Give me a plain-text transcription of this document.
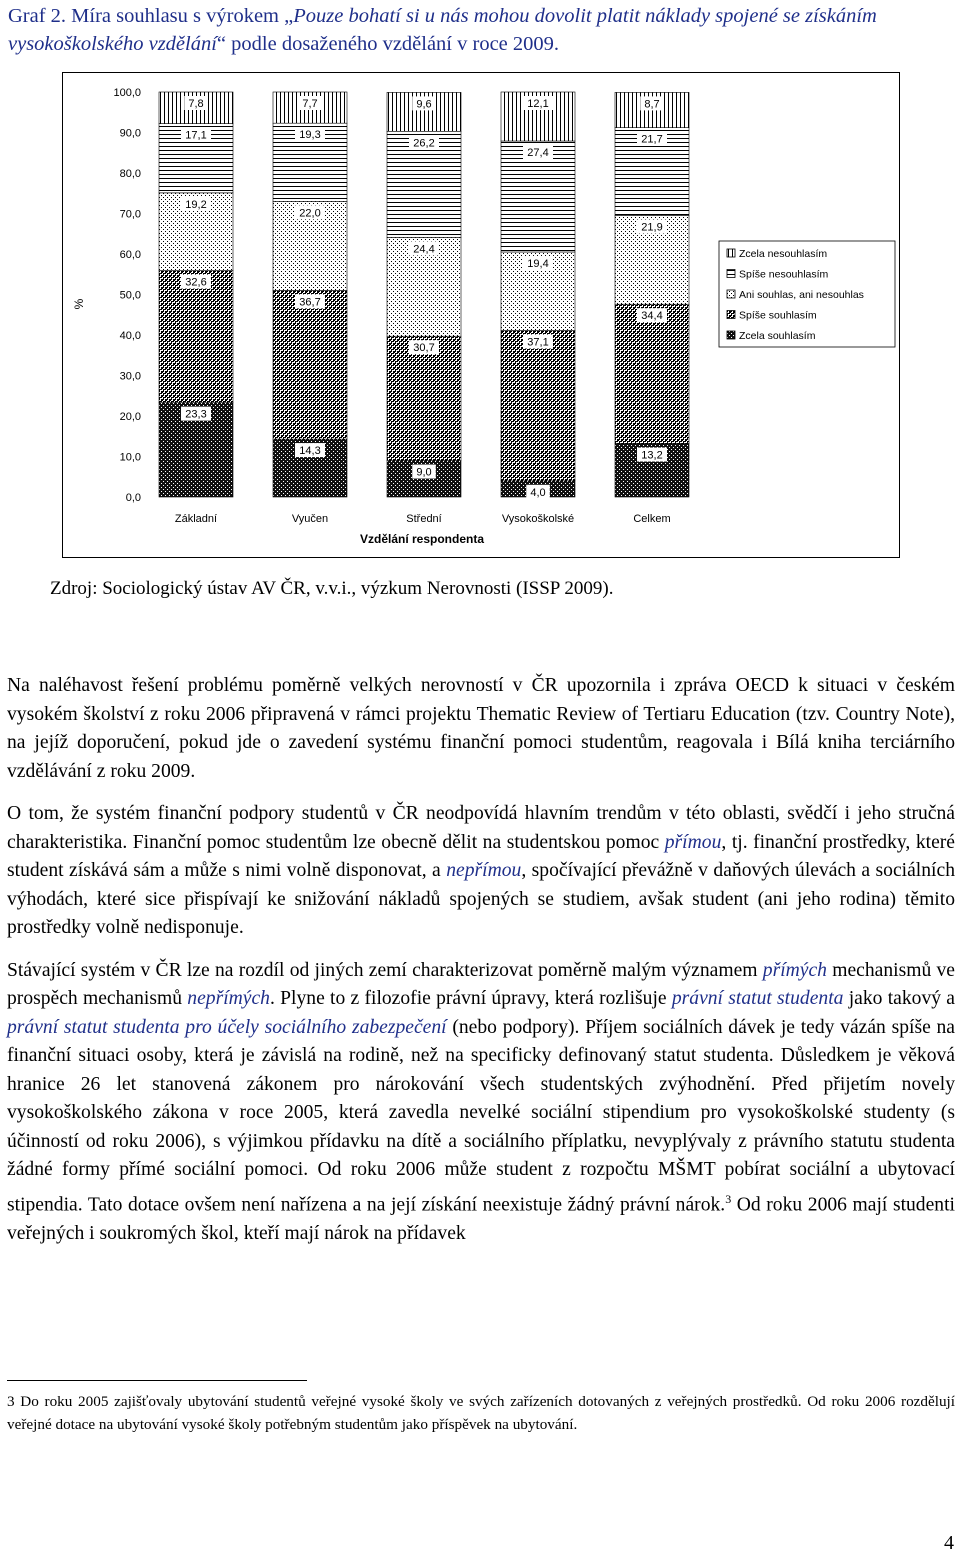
Graf 2. Míra souhlasu s výrokem „Pouze bohatí si u nás mohou dovolit platit náklady spojené se získáním vysokoškolského vzdělání“ podle dosaženého vzdělání v roce 2009.
%
0,0
10,0
20,0
30,0
40,0
50,0
60,0
70,0
80,0
90,0
100,0
23,3
32,6
19,2
17,1
7,8
14,3
36,7
22,0
19,3
7,7
9,0
30,7
24,4
26,2
9,6
4,0
37,1
19,4
27,4
12,1
13,2
34,4
21,9
21,7
8,7
Základní	Vyučen	Střední	Vysokoškolské	Celkem
Vzdělání respondenta
Zcela nesouhlasím
Spíše nesouhlasím
Ani souhlas, ani nesouhlas
Spíše souhlasím
Zcela souhlasím
Zdroj: Sociologický ústav AV ČR, v.v.i., výzkum Nerovnosti (ISSP 2009).

Na naléhavost řešení problému poměrně velkých nerovností v ČR upozornila i zpráva OECD k situaci v českém vysokém školství z roku 2006 připravená v rámci projektu Thematic Review of Tertiaru Education (tzv. Country Note), na jejíž doporučení, pokud jde o zavedení systému finanční pomoci studentům, reagovala i Bílá kniha terciárního vzdělávání z roku 2009.

O tom, že systém finanční podpory studentů v ČR neodpovídá hlavním trendům v této oblasti, svědčí i jeho stručná charakteristika. Finanční pomoc studentům lze obecně dělit na studentskou pomoc přímou, tj. finanční prostředky, které student získává sám a může s nimi volně disponovat, a nepřímou, spočívající převážně v daňových úlevách a sociálních výhodách, které sice přispívají ke snižování nákladů spojených se studiem, avšak student (ani jeho rodina) těmito prostředky volně nedisponuje.

Stávající systém v ČR lze na rozdíl od jiných zemí charakterizovat poměrně malým významem přímých mechanismů ve prospěch mechanismů nepřímých. Plyne to z filozofie právní úpravy, která rozlišuje právní statut studenta jako takový a právní statut studenta pro účely sociálního zabezpečení (nebo podpory). Příjem sociálních dávek je tedy vázán spíše na finanční situaci osoby, která je závislá na rodině, než na specificky definovaný statut studenta. Důsledkem je věková hranice 26 let stanovená zákonem pro nárokování všech studentských zvýhodnění. Před přijetím novely vysokoškolského zákona v roce 2005, která zavedla nevelké sociální stipendium pro vysokoškolské studenty (s účinností od roku 2006), s výjimkou přídavku na dítě a sociálního příplatku, nevyplývaly z právního statutu studenta žádné formy přímé sociální pomoci. Od roku 2006 může student z rozpočtu MŠMT pobírat sociální a ubytovací stipendia. Tato dotace ovšem není nařízena a na její získání neexistuje žádný právní nárok.$^3$ Od roku 2006 mají studenti veřejných i soukromých škol, kteří mají nárok na přídavek

3 Do roku 2005 zajišťovaly ubytování studentů veřejné vysoké školy ve svých zařízeních dotovaných z veřejných prostředků. Od roku 2006 rozdělují veřejné dotace na ubytování vysoké školy potřebným studentům jako příspěvek na ubytování.
4
